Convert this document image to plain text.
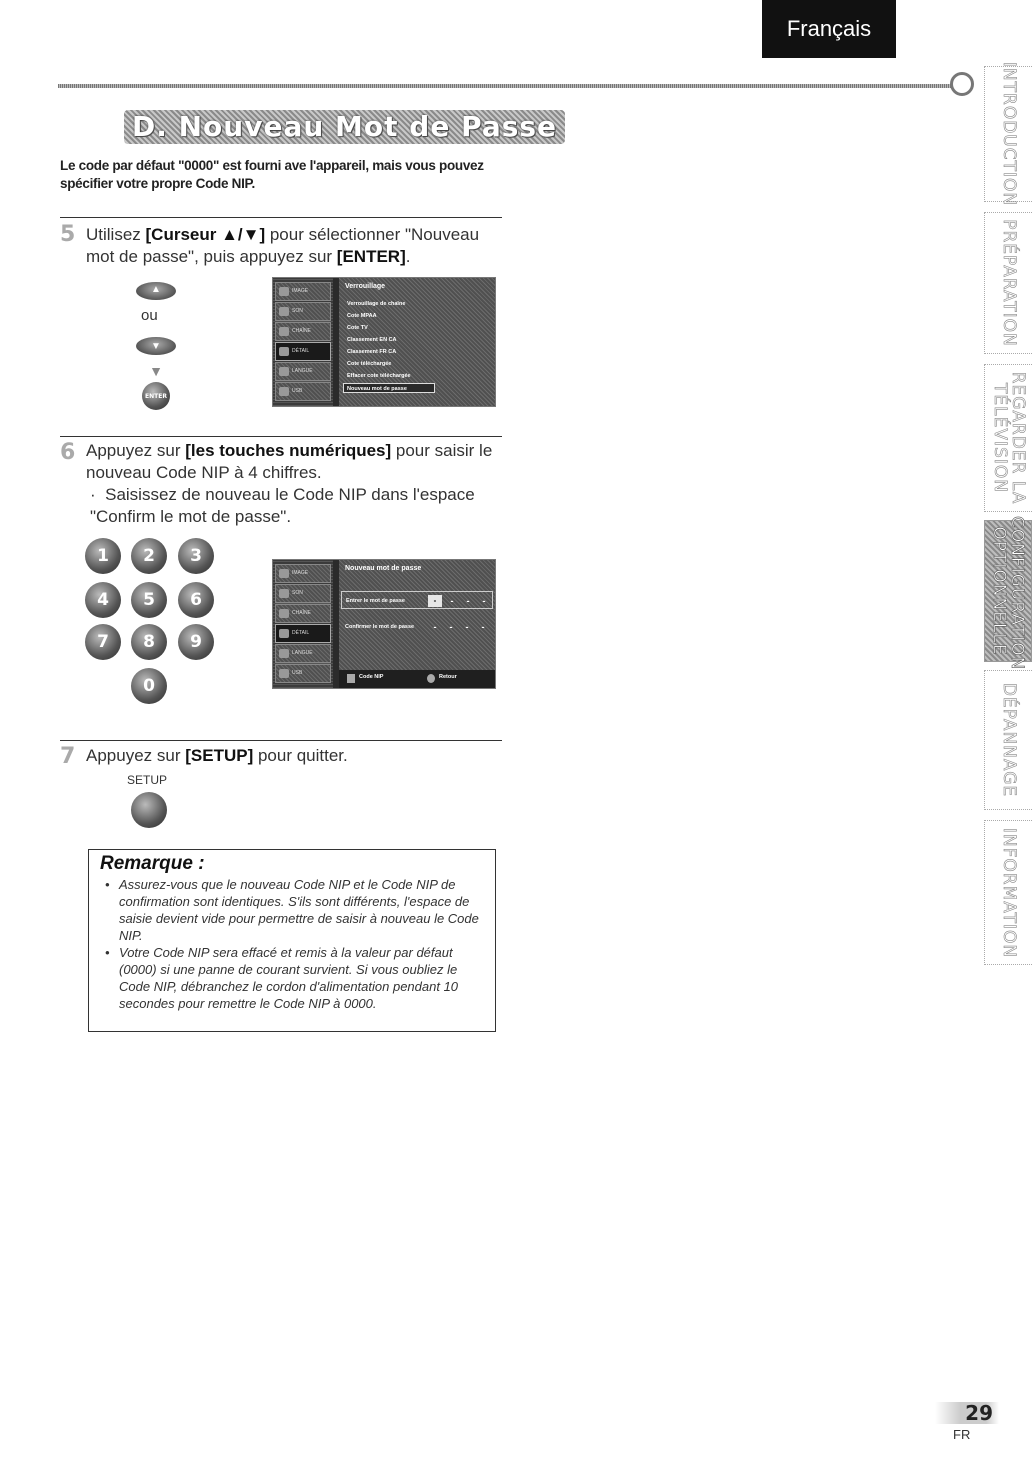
Français
D. Nouveau Mot de Passe
Le code par défaut "0000" est fourni ave l'appareil, mais vous pouvez spécifier votre propre Code NIP.
5 Utilisez [Curseur ▲/▼] pour sélectionner "Nouveau mot de passe", puis appuyez sur [ENTER].
▲
ou
▼
▼
ENTER
IMAGE
SON
CHAÎNE
DÉTAIL
LANGUE
USB
Verrouillage
Verrouillage de chaîne
Cote MPAA
Cote TV
Classement EN CA
Classement FR CA
Cote téléchargée
Effacer cote téléchargée
Nouveau mot de passe
6 Appuyez sur [les touches numériques] pour saisir le nouveau Code NIP à 4 chiffres.
·  Saisissez de nouveau le Code NIP dans l'espace "Confirm le mot de passe".
1	2	3
4	5	6
7	8	9
0
IMAGE
SON
CHAÎNE
DÉTAIL
LANGUE
USB
Nouveau mot de passe
Entrer le mot de passe	-	-	-	-
Confirmer le mot de passe	-	-	-	-
Code NIP	Retour
7 Appuyez sur [SETUP] pour quitter.
SETUP
Remarque :
• Assurez-vous que le nouveau Code NIP et le Code NIP de confirmation sont identiques. S'ils sont différents, l'espace de saisie devient vide pour permettre de saisir à nouveau le Code NIP.
• Votre Code NIP sera effacé et remis à la valeur par défaut (0000) si une panne de courant survient. Si vous oubliez le Code NIP, débranchez le cordon d'alimentation pendant 10 secondes pour remettre le Code NIP à 0000.
INTRODUCTION
PRÉPARATION
REGARDER LA TÉLÉVISION
CONFIGURATION OPTIONNELLE
DÉPANNAGE
INFORMATION
29
FR
